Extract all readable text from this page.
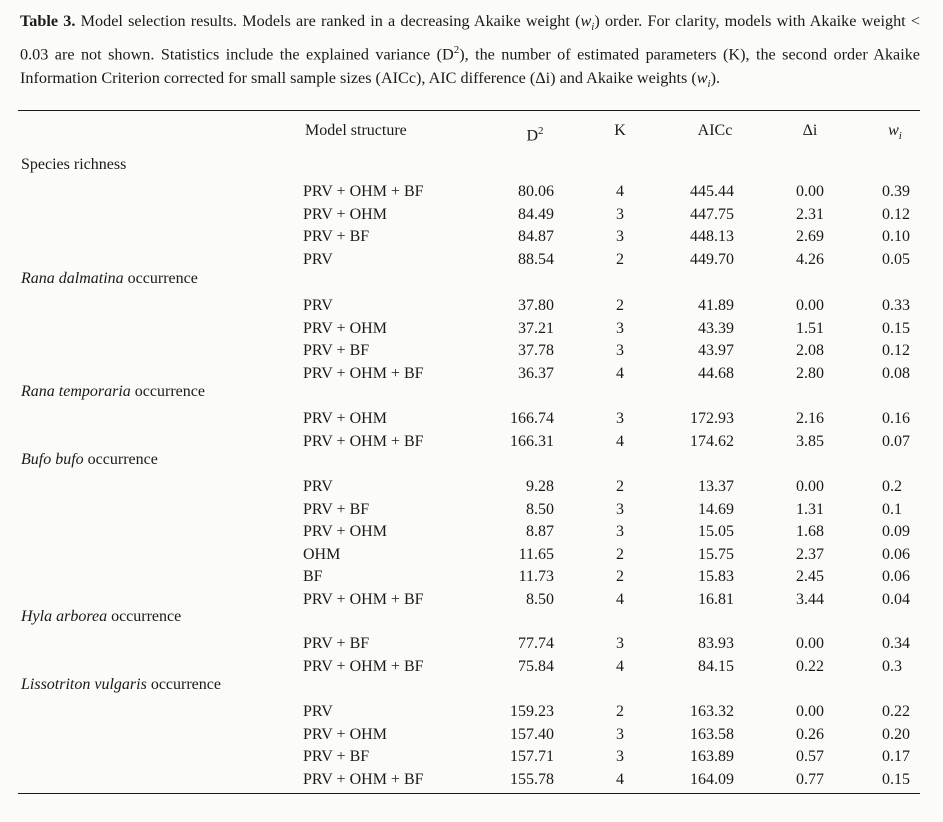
Table 3. Model selection results. Models are ranked in a decreasing Akaike weight $(w_i)$ order. For clarity, models with Akaike weight < 0.03 are not shown. Statistics include the explained variance $(D^2)$, the number of estimated parameters (K), the second order Akaike Information Criterion corrected for small sample sizes (AICc), AIC difference (Δi) and Akaike weights $(w_i)$.
Model structure	$D^2$	K	AICc	Δi	$w_i$
Species richness
PRV + OHM + BF	80.06	4	445.44	0.00	0.39
PRV + OHM	84.49	3	447.75	2.31	0.12
PRV + BF	84.87	3	448.13	2.69	0.10
PRV	88.54	2	449.70	4.26	0.05
Rana dalmatina occurrence
PRV	37.80	2	41.89	0.00	0.33
PRV + OHM	37.21	3	43.39	1.51	0.15
PRV + BF	37.78	3	43.97	2.08	0.12
PRV + OHM + BF	36.37	4	44.68	2.80	0.08
Rana temporaria occurrence
PRV + OHM	166.74	3	172.93	2.16	0.16
PRV + OHM + BF	166.31	4	174.62	3.85	0.07
Bufo bufo occurrence
PRV	9.28	2	13.37	0.00	0.2
PRV + BF	8.50	3	14.69	1.31	0.1
PRV + OHM	8.87	3	15.05	1.68	0.09
OHM	11.65	2	15.75	2.37	0.06
BF	11.73	2	15.83	2.45	0.06
PRV + OHM + BF	8.50	4	16.81	3.44	0.04
Hyla arborea occurrence
PRV + BF	77.74	3	83.93	0.00	0.34
PRV + OHM + BF	75.84	4	84.15	0.22	0.3
Lissotriton vulgaris occurrence
PRV	159.23	2	163.32	0.00	0.22
PRV + OHM	157.40	3	163.58	0.26	0.20
PRV + BF	157.71	3	163.89	0.57	0.17
PRV + OHM + BF	155.78	4	164.09	0.77	0.15
